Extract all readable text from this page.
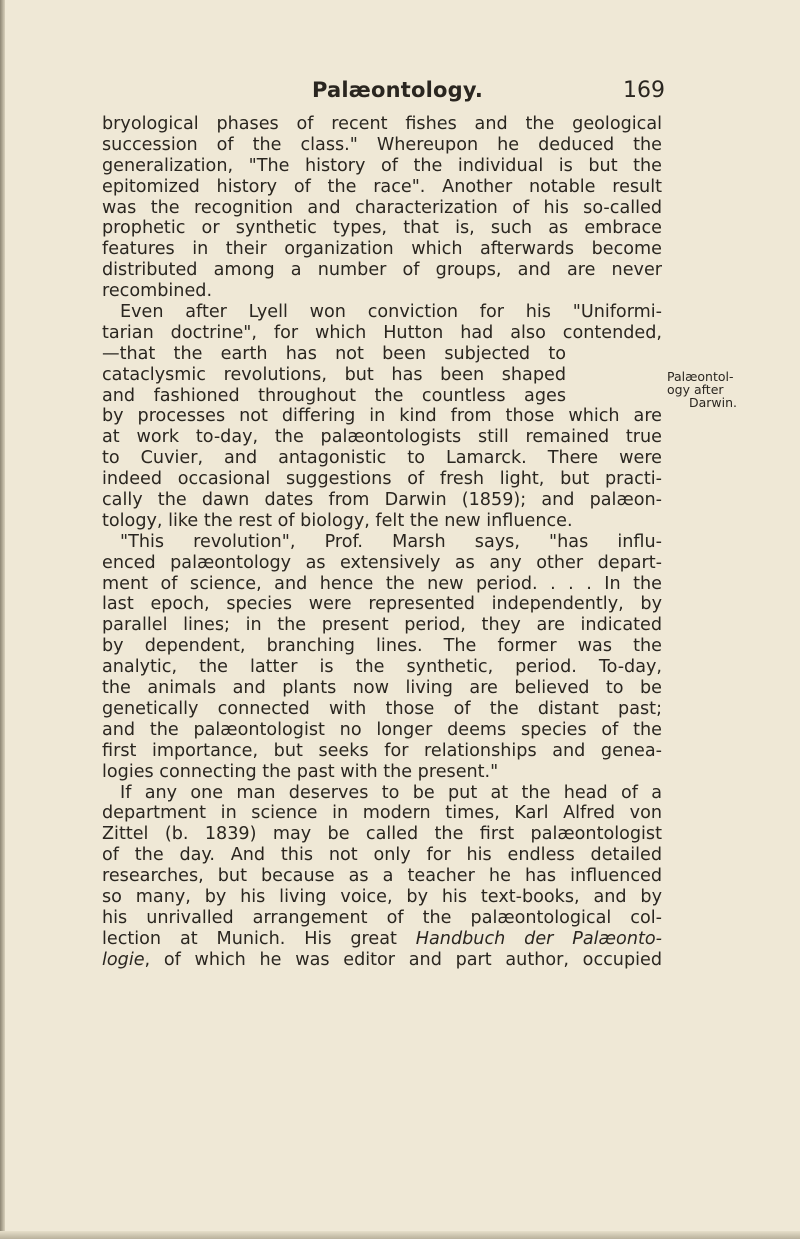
Palæontology.	169
Palæontol-
ogy after
Darwin.
bryological phases of recent fishes and the geological
succession of the class." Whereupon he deduced the
generalization, "The history of the individual is but the
epitomized history of the race". Another notable result
was the recognition and characterization of his so-called
prophetic or synthetic types, that is, such as embrace
features in their organization which afterwards become
distributed among a number of groups, and are never
recombined.
Even after Lyell won conviction for his "Uniformi-
tarian doctrine", for which Hutton had also contended,
—that the earth has not been subjected to
cataclysmic revolutions, but has been shaped
and fashioned throughout the countless ages
by processes not differing in kind from those which are
at work to-day, the palæontologists still remained true
to Cuvier, and antagonistic to Lamarck. There were
indeed occasional suggestions of fresh light, but practi-
cally the dawn dates from Darwin (1859); and palæon-
tology, like the rest of biology, felt the new influence.
"This revolution", Prof. Marsh says, "has influ-
enced palæontology as extensively as any other depart-
ment of science, and hence the new period. . . . In the
last epoch, species were represented independently, by
parallel lines; in the present period, they are indicated
by dependent, branching lines. The former was the
analytic, the latter is the synthetic, period. To-day,
the animals and plants now living are believed to be
genetically connected with those of the distant past;
and the palæontologist no longer deems species of the
first importance, but seeks for relationships and genea-
logies connecting the past with the present."
If any one man deserves to be put at the head of a
department in science in modern times, Karl Alfred von
Zittel (b. 1839) may be called the first palæontologist
of the day. And this not only for his endless detailed
researches, but because as a teacher he has influenced
so many, by his living voice, by his text-books, and by
his unrivalled arrangement of the palæontological col-
lection at Munich. His great Handbuch der Palæonto-
logie, of which he was editor and part author, occupied
